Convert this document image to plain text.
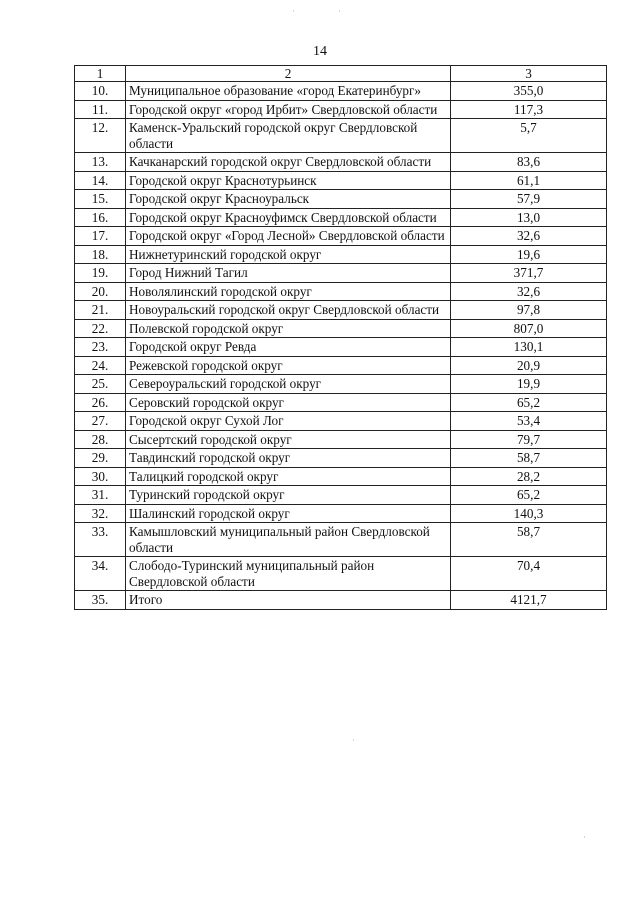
14
1	2	3
10.	Муниципальное образование «город Екатеринбург»	355,0
11.	Городской округ «город Ирбит» Свердловской области	117,3
12.	Каменск-Уральский городской округ Свердловской области	5,7
13.	Качканарский городской округ Свердловской области	83,6
14.	Городской округ Краснотурьинск	61,1
15.	Городской округ Красноуральск	57,9
16.	Городской округ Красноуфимск Свердловской области	13,0
17.	Городской округ «Город Лесной» Свердловской области	32,6
18.	Нижнетуринский городской округ	19,6
19.	Город Нижний Тагил	371,7
20.	Новолялинский городской округ	32,6
21.	Новоуральский городской округ Свердловской области	97,8
22.	Полевской городской округ	807,0
23.	Городской округ Ревда	130,1
24.	Режевской городской округ	20,9
25.	Североуральский городской округ	19,9
26.	Серовский городской округ	65,2
27.	Городской округ Сухой Лог	53,4
28.	Сысертский городской округ	79,7
29.	Тавдинский городской округ	58,7
30.	Талицкий городской округ	28,2
31.	Туринский городской округ	65,2
32.	Шалинский городской округ	140,3
33.	Камышловский муниципальный район Свердловской области	58,7
34.	Слободо-Туринский муниципальный район Свердловской области	70,4
35.	Итого	4121,7
·	·
·
·
